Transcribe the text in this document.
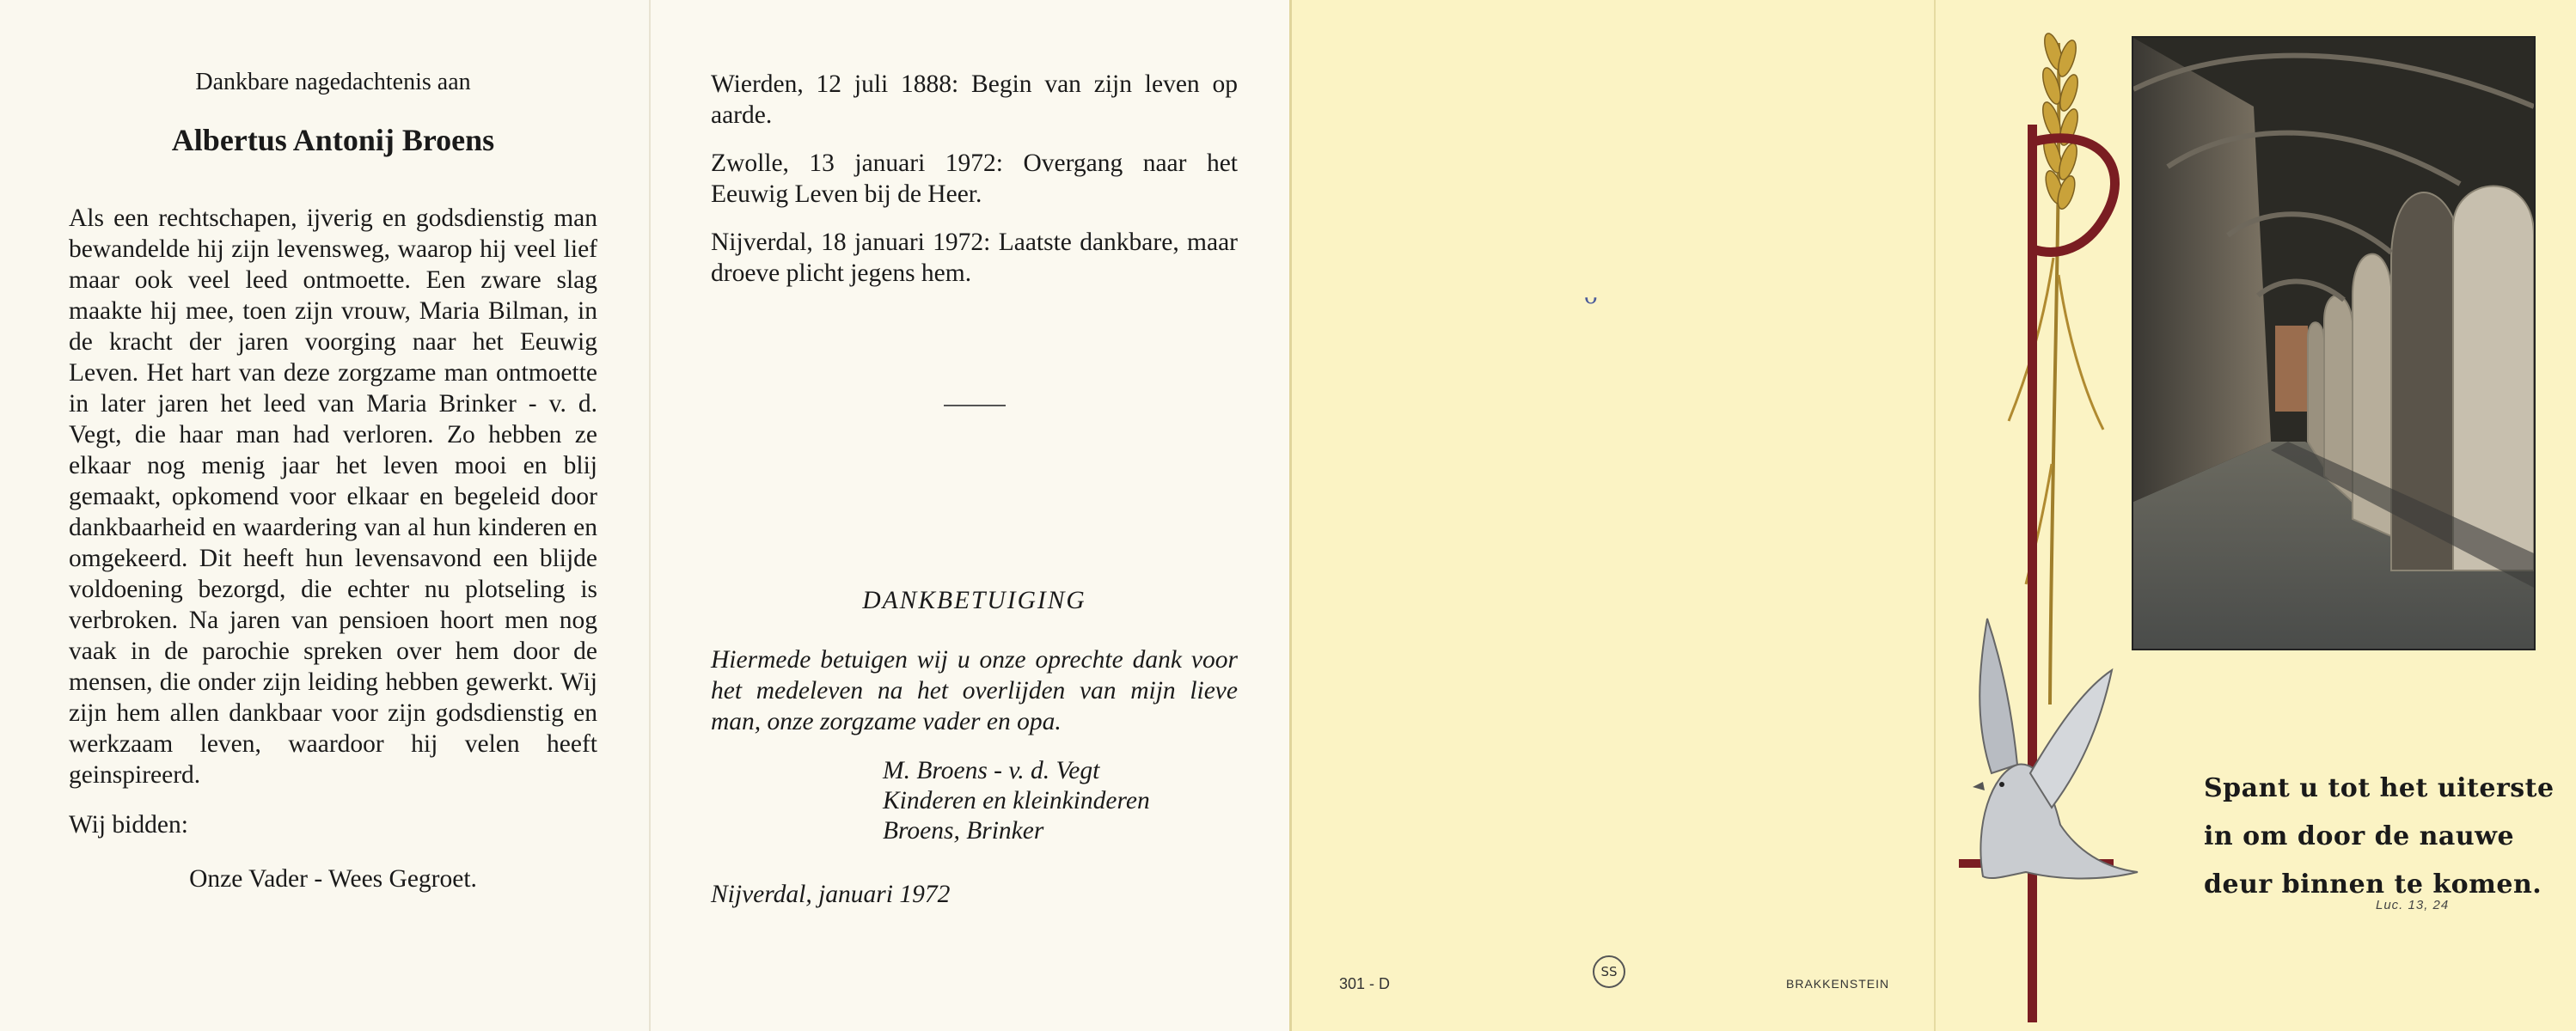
Dankbare nagedachtenis aan

Albertus Antonij Broens

Als een rechtschapen, ijverig en godsdienstig man bewandelde hij zijn levensweg, waarop hij veel lief maar ook veel leed ontmoette. Een zware slag maakte hij mee, toen zijn vrouw, Maria Bilman, in de kracht der jaren voorging naar het Eeuwig Leven. Het hart van deze zorgzame man ontmoette in later jaren het leed van Maria Brinker - v. d. Vegt, die haar man had verloren. Zo hebben ze elkaar nog menig jaar het leven mooi en blij gemaakt, opkomend voor elkaar en begeleid door dankbaarheid en waardering van al hun kinderen en omgekeerd. Dit heeft hun levensavond een blijde voldoening bezorgd, die echter nu plotseling is verbroken. Na jaren van pensioen hoort men nog vaak in de parochie spreken over hem door de mensen, die onder zijn leiding hebben gewerkt. Wij zijn hem allen dankbaar voor zijn godsdienstig en werkzaam leven, waardoor hij velen heeft geinspireerd.

Wij bidden:

Onze Vader - Wees Gegroet.

Wierden, 12 juli 1888: Begin van zijn leven op aarde.

Zwolle, 13 januari 1972: Overgang naar het Eeuwig Leven bij de Heer.

Nijverdal, 18 januari 1972: Laatste dankbare, maar droeve plicht jegens hem.

DANKBETUIGING

Hiermede betuigen wij u onze oprechte dank voor het medeleven na het overlijden van mijn lieve man, onze zorgzame vader en opa.

M. Broens - v. d. Vegt
Kinderen en kleinkinderen
Broens, Brinker

Nijverdal, januari 1972

ᴗ
301 - D
SS
BRAKKENSTEIN
Spant u tot het uiterste
in om door de nauwe
deur binnen te komen.
Luc. 13, 24
